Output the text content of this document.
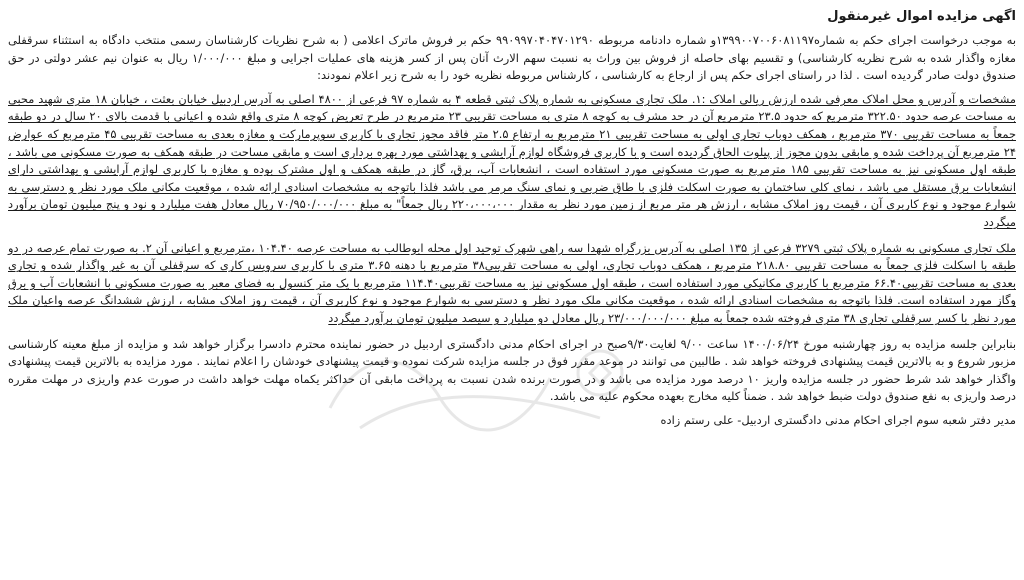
اگهی مزایده اموال غیرمنقول

به موجب درخواست اجرای حکم به شماره۱۳۹۹۰۰۷۰۰۶۰۸۱۱۹۷و شماره دادنامه مربوطه ۹۹۰۹۹۷۰۴۰۴۷۰۱۲۹۰ حکم بر فروش ماترک اعلامی ( به شرح نظریات کارشناسان رسمی منتخب دادگاه به استثناء سرقفلی مغازه واگذار شده به شرح نظریه کارشناسی) و تقسیم بهای حاصله از فروش بین وراث به نسبت سهم الارث آنان پس از کسر هزینه های عملیات اجرایی و مبلغ ۱/۰۰۰/۰۰۰ ریال به عنوان نیم عشر دولتی در حق صندوق دولت صادر گردیده است . لذا در راستای اجرای حکم پس از ارجاع به کارشناسی ، کارشناس مربوطه نظریه خود را به شرح زیر اعلام نمودند:

مشخصات و آدرس و محل املاک معرفی شده ارزش ریالی املاک :۱. ملک تجاری مسکونی به شماره پلاک ثبتی قطعه ۴ به شماره ۹۷ فرعی از ۴۸۰۰ اصلی به آدرس اردبیل خیابان بعثت ، خیابان ۱۸ متری شهید محبی به مساحت عرصه حدود ۳۲۲.۵۰ مترمربع که حدود ۲۳.۵ مترمربع آن در حد مشرف به کوچه ۸ متری به مساحت تقریبی ۲۳ مترمربع در طرح تعریض کوچه ۸ متری واقع شده و اعیانی با قدمت بالای ۲۰ سال در دو طبقه جمعاً به مساحت تقریبی ۳۷۰ مترمربع ، همکف دوباب تجاری اولی به مساحت تقریبی ۲۱ مترمربع به ارتفاع ۲.۵ متر فاقد مجوز تجاری با کاربری سوپرمارکت و مغازه بعدی به مساحت تقریبی ۴۵ مترمربع که عوارض ۲۴ مترمربع آن پرداخت شده و مابقی بدون مجوز از پیلوت الحاق گردیده است و با کاربری فروشگاه لوازم آرایشی و بهداشتی مورد بهره برداری است و مابقی مساحت در طبقه همکف به صورت مسکونی می باشد ، طبقه اول مسکونی نیز به مساحت تقریبی ۱۸۵ مترمربع به صورت مسکونی مورد استفاده است ، انشعابات آب، برق، گاز در طبقه همکف و اول مشترک بوده و مغازه با کاربری لوازم آرایشی و بهداشتی دارای انشعابات برق مستقل می باشد ، نمای کلی ساختمان به صورت اسکلت فلزی با طاق ضربی و نمای سنگ مرمر می باشد فلذا باتوجه به مشخصات اسنادی ارائه شده ، موقعیت مکانی ملک مورد نظر و دسترسی به شوارع موجود و نوع کاربری آن ، قیمت روز املاک مشابه ، ارزش هر متر مربع از زمین مورد نظر به مقدار ۲۲۰،۰۰۰،۰۰۰ ریال جمعاً" به مبلغ ۷۰/۹۵۰/۰۰۰/۰۰۰ ریال معادل هفت میلیارد و نود و پنج میلیون تومان برآورد میگردد

ملک تجاری مسکونی به شماره پلاک ثبتی ۳۲۷۹ فرعی از ۱۳۵ اصلی به آدرس بزرگراه شهدا سه راهی شهرک توحید اول محله ابوطالب به مساحت عرصه ۱۰۴.۴۰ ،مترمربع و اعیانی آن ۲. به صورت تمام عرصه در دو طبقه با اسکلت فلزی جمعاً به مساحت تقریبی ۲۱۸.۸۰ مترمربع ، همکف دوباب تجاری، اولی به مساحت تقریبی۳۸ مترمربع با دهنه ۳.۶۵ متری با کاربری سرویس کاری که سرقفلی آن به غیر واگذار شده و تجاری بعدی به مساحت تقریبی۶۶.۴۰ مترمربع با کاربری مکانیکی مورد استفاده است ، طبقه اول مسکونی نیز به مساحت تقریبی۱۱۴.۴۰ مترمربع با یک متر کنسول به فضای معبر به صورت مسکونی با انشعابات آب و برق وگاز مورد استفاده است. فلذا باتوجه به مشخصات اسنادی ارائه شده ، موقعیت مکانی ملک مورد نظر و دسترسی به شوارع موجود و نوع کاربری آن ، قیمت روز املاک مشابه ، ارزش ششدانگ عرصه واعیان ملک مورد نظر با کسر سرقفلی تجاری ۳۸ متری فروخته شده جمعاً به مبلغ ۲۳/۰۰۰/۰۰۰/۰۰۰ ریال معادل دو میلیارد و سیصد میلیون تومان برآورد میگردد

بنابراین جلسه مزایده به روز چهارشنبه مورخ ۱۴۰۰/۰۶/۲۴ ساعت ۹/۰۰ لغایت۹/۳۰صبح در اجرای احکام مدنی دادگستری اردبیل در حضور نماینده محترم دادسرا برگزار خواهد شد و مزایده از مبلغ معینه کارشناسی مزبور شروع و به بالاترین قیمت پیشنهادی فروخته خواهد شد . طالبین می توانند در موعد مقرر فوق در جلسه مزایده شرکت نموده و قیمت پیشنهادی خودشان را اعلام نمایند . مورد مزایده به بالاترین قیمت پیشنهادی واگذار خواهد شد شرط حضور در جلسه مزایده واریز ۱۰ درصد مورد مزایده می باشد و در صورت برنده شدن نسبت به پرداخت مابقی آن حداکثر یکماه مهلت خواهد داشت در صورت عدم واریزی در مهلت مقرره درصد واریزی به نفع صندوق دولت ضبط خواهد شد . ضمناً کلیه مخارج بعهده محکوم علیه می باشد.

مدیر دفتر شعبه سوم اجرای احکام مدنی دادگستری اردبیل- علی رستم زاده
